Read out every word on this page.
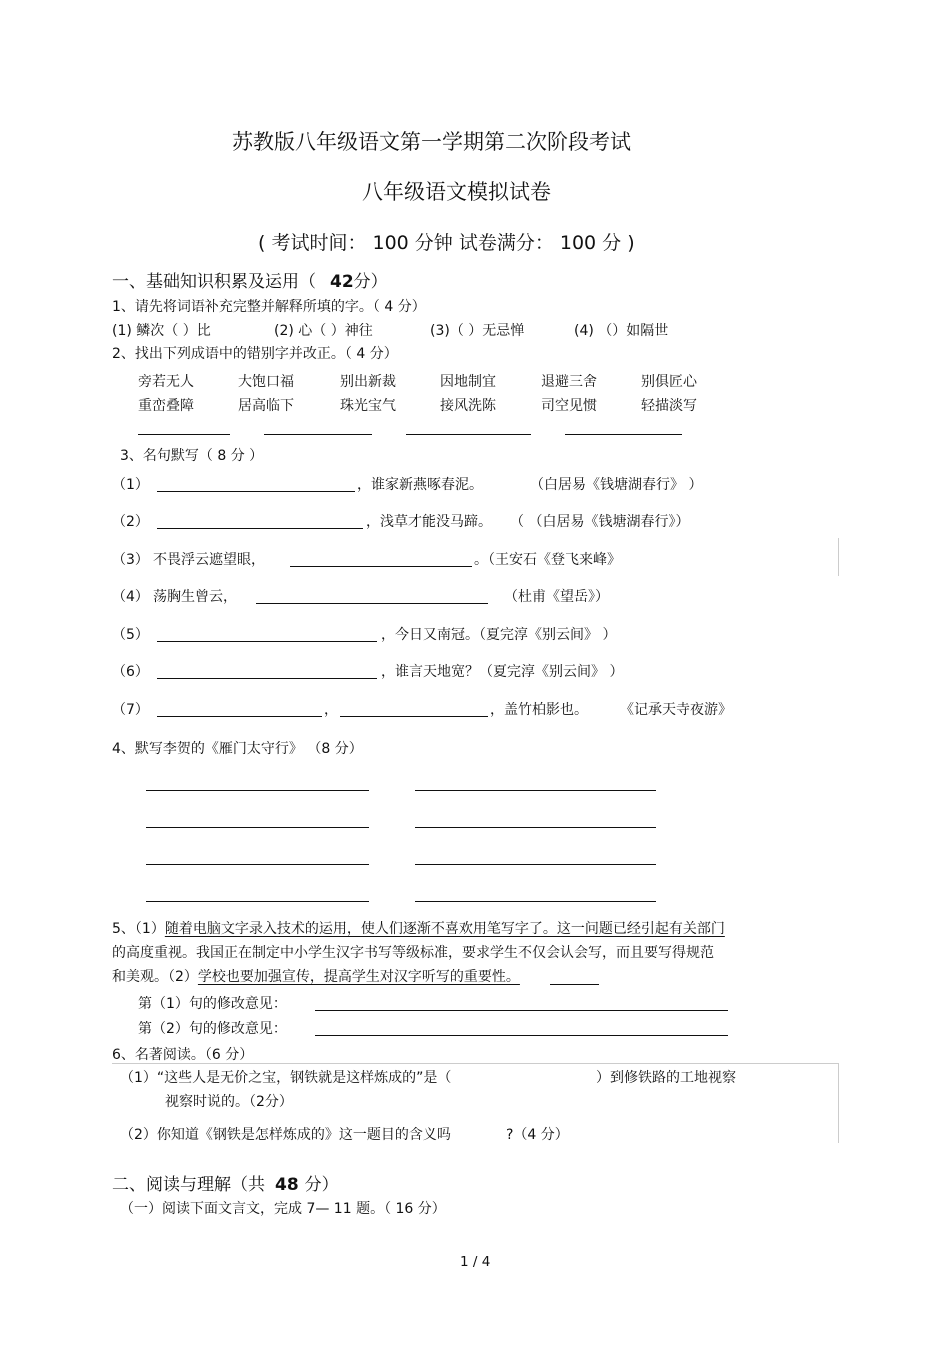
苏教版八年级语文第一学期第二次阶段考试
八年级语文模拟试卷
( 考试时间： 100 分钟 试卷满分： 100 分 )
一、基础知识积累及运用（ 42分）
1、请先将词语补充完整并解释所填的字。（ 4 分）
(1) 鳞次（ ）比	(2) 心（ ）神往	(3)（ ）无忌惮	(4) （）如隔世
2、找出下列成语中的错别字并改正。（ 4 分）
旁若无人	大饱口福	别出新裁	因地制宜	退避三舍	别俱匠心
重峦叠障	居高临下	珠光宝气	接风洗陈	司空见惯	轻描淡写
3、名句默写（ 8 分 ）
（1）	，谁家新燕啄春泥。	（白居易《钱塘湖春行》 ）
（2）	，浅草才能没马蹄。 （ （白居易《钱塘湖春行》）
（3） 不畏浮云遮望眼，	。（王安石《登飞来峰》
（4） 荡胸生曾云，	（杜甫《望岳》）
（5）	，今日又南冠。（夏完淳《别云间》 ）
（6）	，谁言天地宽？（夏完淳《别云间》 ）
（7）	，	，盖竹柏影也。 《记承天寺夜游》
4、默写李贺的《雁门太守行》 （8 分）
5、（1）随着电脑文字录入技术的运用，使人们逐渐不喜欢用笔写字了。这一问题已经引起有关部门
的高度重视。我国正在制定中小学生汉字书写等级标准，要求学生不仅会认会写，而且要写得规范
和美观。（2）学校也要加强宣传，提高学生对汉字听写的重要性。
第（1）句的修改意见：
第（2）句的修改意见：
6、名著阅读。（6 分）
（1）“这些人是无价之宝，钢铁就是这样炼成的”是（	）到修铁路的工地视察
视察时说的。（2分）
（2）你知道《钢铁是怎样炼成的》这一题目的含义吗	?（4 分）
二、阅读与理解（共 48 分）
（一）阅读下面文言文，完成 7— 11 题。（ 16 分）
1 / 4
